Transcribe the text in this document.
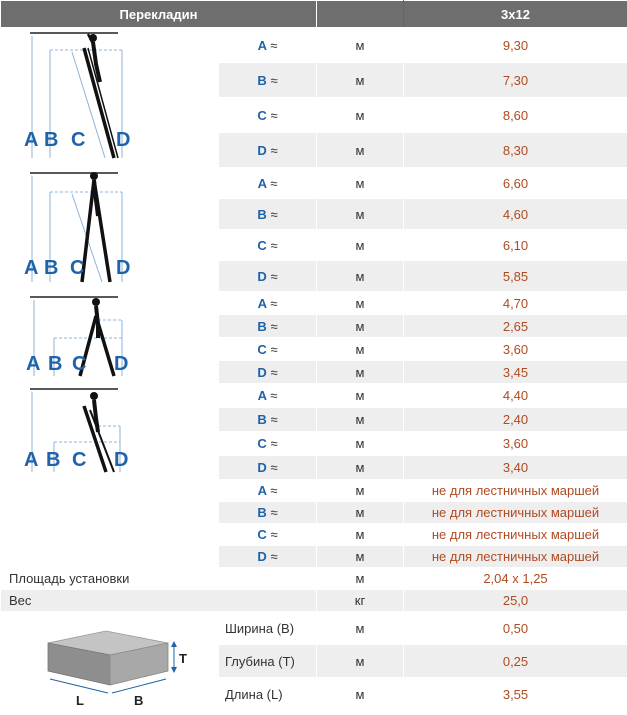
Перекладин			3x12

A B C D	A ≈	м	9,30
	B ≈	м	7,30
	C ≈	м	8,60
	D ≈	м	8,30

A B C D	A ≈	м	6,60
	B ≈	м	4,60
	C ≈	м	6,10
	D ≈	м	5,85

A B C D	A ≈	м	4,70
	B ≈	м	2,65
	C ≈	м	3,60
	D ≈	м	3,45

A B C D	A ≈	м	4,40
	B ≈	м	2,40
	C ≈	м	3,60
	D ≈	м	3,40
	A ≈	м	не для лестничных маршей
	B ≈	м	не для лестничных маршей
	C ≈	м	не для лестничных маршей
	D ≈	м	не для лестничных маршей
Площадь установки		м	2,04 x 1,25
Вес		кг	25,0

T
L B	Ширина (B)	м	0,50
	Глубина (T)	м	0,25
	Длина (L)	м	3,55
